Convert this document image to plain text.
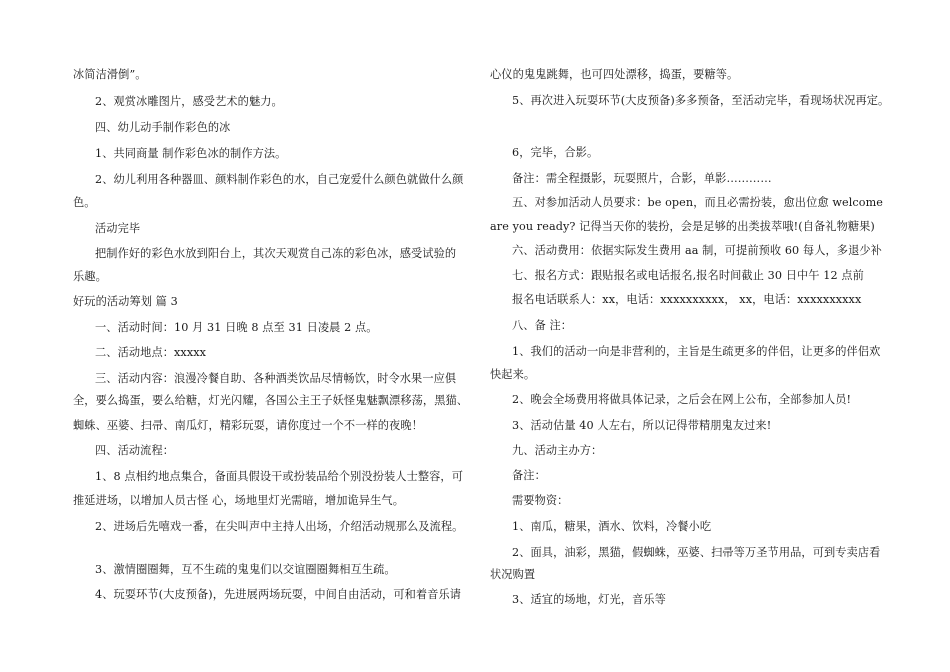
冰简洁滑倒”。
2、观赏冰雕图片，感受艺术的魅力。
四、幼儿动手制作彩色的冰
1、共同商量 制作彩色冰的制作方法。
2、幼儿利用各种器皿、颜料制作彩色的水，自己宠爱什么颜色就做什么颜
色。
活动完毕
把制作好的彩色水放到阳台上，其次天观赏自己冻的彩色冰，感受试验的
乐趣。
好玩的活动筹划 篇 3
一、活动时间：10 月 31 日晚 8 点至 31 日凌晨 2 点。
二、活动地点：xxxxx
三、活动内容：浪漫冷餐自助、各种酒类饮品尽情畅饮，时令水果一应俱
全，要么捣蛋，要么给糖，灯光闪耀，各国公主王子妖怪鬼魅飘漂移荡，黑猫、
蜘蛛、巫婆、扫帚、南瓜灯，精彩玩耍，请你度过一个不一样的夜晚！
四、活动流程：
1、8 点相约地点集合，备面具假设干或扮装品给个别没扮装人士整容，可
推延进场，以增加人员古怪 心，场地里灯光需暗，增加诡异生气。
2、进场后先嘻戏一番，在尖叫声中主持人出场，介绍活动规那么及流程。
3、激情圈圈舞，互不生疏的鬼鬼们以交谊圈圈舞相互生疏。
4、玩耍环节(大皮预备)，先进展两场玩耍，中间自由活动，可和着音乐请
心仪的鬼鬼跳舞，也可四处漂移，捣蛋，要糖等。
5、再次进入玩耍环节(大皮预备)多多预备，至活动完毕，看现场状况再定。
6，完毕，合影。
备注：需全程摄影，玩耍照片，合影，单影…………
五、对参加活动人员要求：be open，而且必需扮装，愈出位愈 welcome
are you ready? 记得当天你的装扮，会是足够的出类拔萃哦!(自备礼物糖果)
六、活动费用：依据实际发生费用 aa 制，可提前预收 60 每人，多退少补
七、报名方式：跟贴报名或电话报名,报名时间截止 30 日中午 12 点前
报名电话联系人：xx，电话：xxxxxxxxxx， xx，电话：xxxxxxxxxx
八、备 注：
1、我们的活动一向是非营利的，主旨是生疏更多的伴侣，让更多的伴侣欢
快起来。
2、晚会全场费用将做具体记录，之后会在网上公布，全部参加人员!
3、活动估量 40 人左右，所以记得带精朋鬼友过来!
九、活动主办方：
备注：
需要物资：
1、南瓜，糖果，酒水、饮料，冷餐小吃
2、面具，油彩，黑猫，假蜘蛛，巫婆、扫帚等万圣节用品，可到专卖店看
状况购置
3、适宜的场地，灯光，音乐等
